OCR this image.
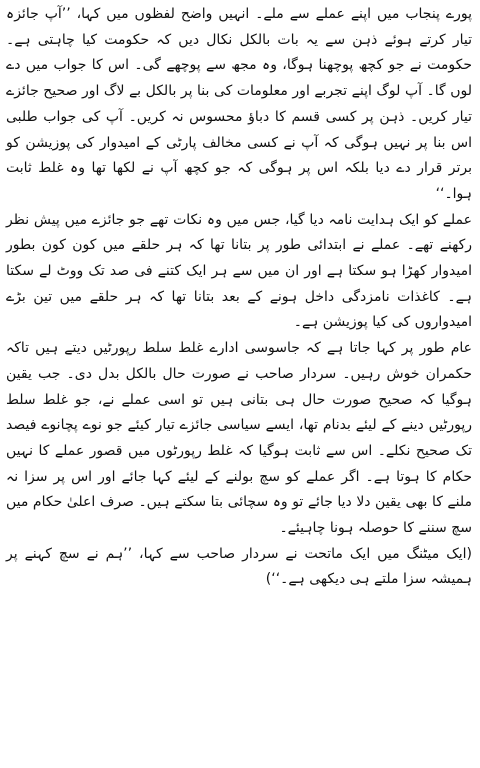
پورے پنجاب میں اپنے عملے سے ملے۔ انہیں واضح لفظوں میں کہا، ’’آپ جائزہ تیار کرتے ہوئے ذہن سے یہ بات بالکل نکال دیں کہ حکومت کیا چاہتی ہے۔ حکومت نے جو کچھ پوچھنا ہوگا، وہ مجھ سے پوچھے گی۔ اس کا جواب میں دے لوں گا۔ آپ لوگ اپنے تجربے اور معلومات کی بنا پر بالکل بے لاگ اور صحیح جائزے تیار کریں۔ ذہن پر کسی قسم کا دباؤ محسوس نہ کریں۔ آپ کی جواب طلبی اس بنا پر نہیں ہوگی کہ آپ نے کسی مخالف پارٹی کے امیدوار کی پوزیشن کو برتر قرار دے دیا بلکہ اس پر ہوگی کہ جو کچھ آپ نے لکھا تھا وہ غلط ثابت ہوا۔‘‘

عملے کو ایک ہدایت نامہ دیا گیا، جس میں وہ نکات تھے جو جائزے میں پیش نظر رکھنے تھے۔ عملے نے ابتدائی طور پر بتانا تھا کہ ہر حلقے میں کون کون بطور امیدوار کھڑا ہو سکتا ہے اور ان میں سے ہر ایک کتنے فی صد تک ووٹ لے سکتا ہے۔ کاغذات نامزدگی داخل ہونے کے بعد بتانا تھا کہ ہر حلقے میں تین بڑے امیدواروں کی کیا پوزیشن ہے۔

عام طور پر کہا جاتا ہے کہ جاسوسی ادارے غلط سلط رپورٹیں دیتے ہیں تاکہ حکمران خوش رہیں۔ سردار صاحب نے صورت حال بالکل بدل دی۔ جب یقین ہوگیا کہ صحیح صورت حال ہی بتانی ہیں تو اسی عملے نے، جو غلط سلط رپورٹیں دینے کے لیئے بدنام تھا، ایسے سیاسی جائزے تیار کیئے جو نوے پچانوے فیصد تک صحیح نکلے۔ اس سے ثابت ہوگیا کہ غلط رپورٹوں میں قصور عملے کا نہیں حکام کا ہوتا ہے۔ اگر عملے کو سچ بولنے کے لیئے کہا جائے اور اس پر سزا نہ ملنے کا بھی یقین دلا دیا جائے تو وہ سچائی بتا سکتے ہیں۔ صرف اعلیٰ حکام میں سچ سننے کا حوصلہ ہونا چاہیئے۔

(ایک میٹنگ میں ایک ماتحت نے سردار صاحب سے کہا، ’’ہم نے سچ کہنے پر ہمیشہ سزا ملتے ہی دیکھی ہے۔‘‘)
